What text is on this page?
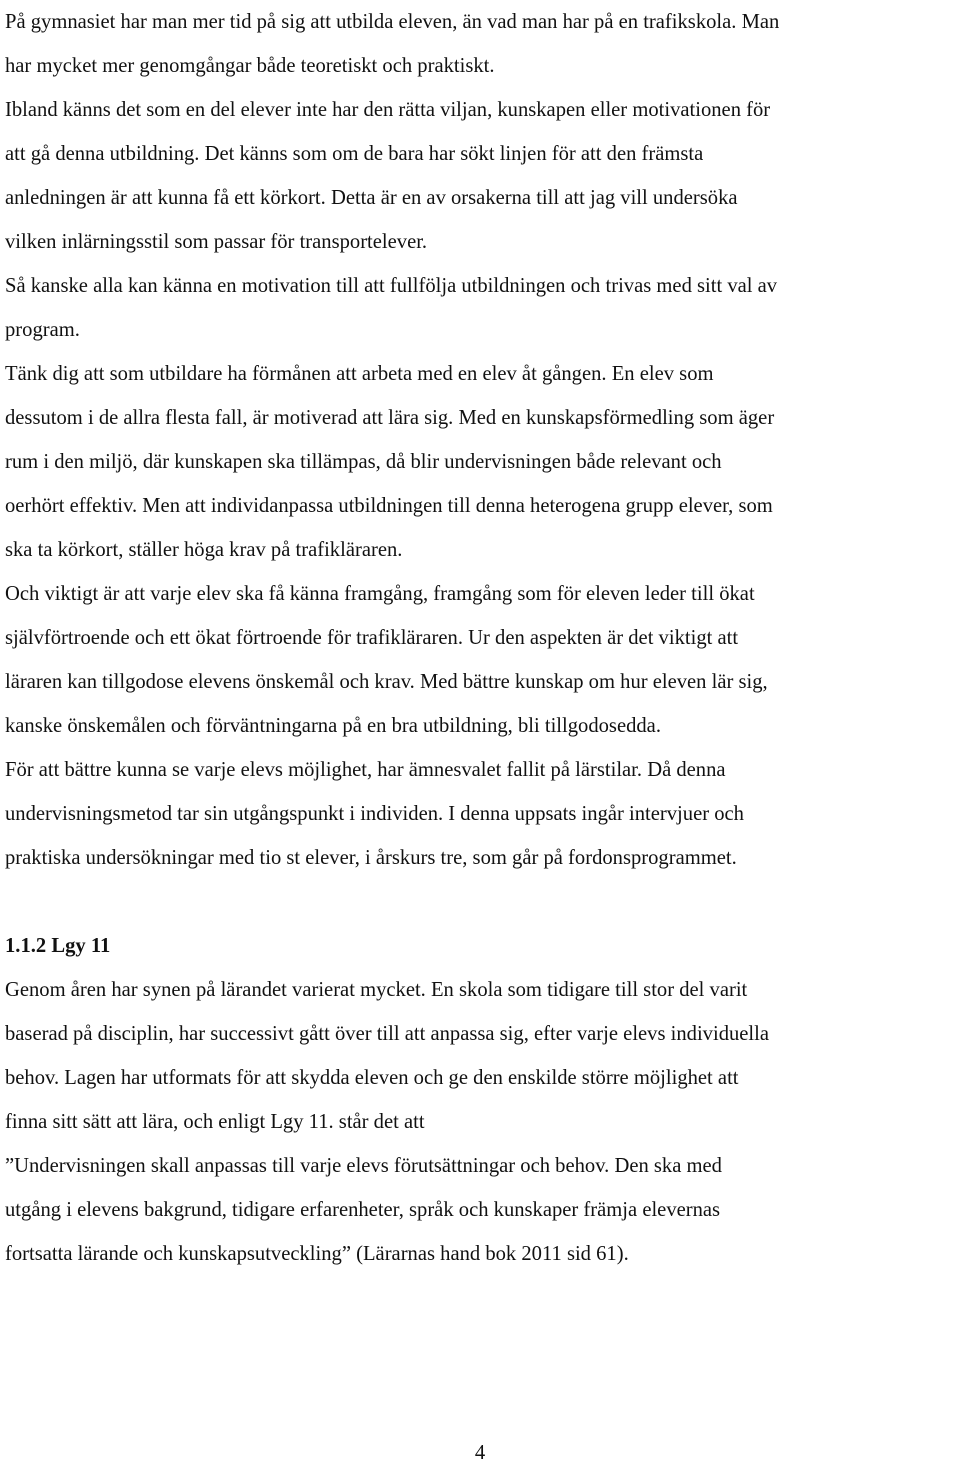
På gymnasiet har man mer tid på sig att utbilda eleven, än vad man har på en trafikskola. Man
har mycket mer genomgångar både teoretiskt och praktiskt.
Ibland känns det som en del elever inte har den rätta viljan, kunskapen eller motivationen för
att gå denna utbildning. Det känns som om de bara har sökt linjen för att den främsta
anledningen är att kunna få ett körkort. Detta är en av orsakerna till att jag vill undersöka
vilken inlärningsstil som passar för transportelever.
Så kanske alla kan känna en motivation till att fullfölja utbildningen och trivas med sitt val av
program.
Tänk dig att som utbildare ha förmånen att arbeta med en elev åt gången. En elev som
dessutom i de allra flesta fall, är motiverad att lära sig. Med en kunskapsförmedling som äger
rum i den miljö, där kunskapen ska tillämpas, då blir undervisningen både relevant och
oerhört effektiv. Men att individanpassa utbildningen till denna heterogena grupp elever, som
ska ta körkort, ställer höga krav på trafikläraren.
Och viktigt är att varje elev ska få känna framgång, framgång som för eleven leder till ökat
självförtroende och ett ökat förtroende för trafikläraren. Ur den aspekten är det viktigt att
läraren kan tillgodose elevens önskemål och krav. Med bättre kunskap om hur eleven lär sig,
kanske önskemålen och förväntningarna på en bra utbildning, bli tillgodosedda.
För att bättre kunna se varje elevs möjlighet, har ämnesvalet fallit på lärstilar. Då denna
undervisningsmetod tar sin utgångspunkt i individen. I denna uppsats ingår intervjuer och
praktiska undersökningar med tio st elever, i årskurs tre, som går på fordonsprogrammet.
1.1.2 Lgy 11
Genom åren har synen på lärandet varierat mycket. En skola som tidigare till stor del varit
baserad på disciplin, har successivt gått över till att anpassa sig, efter varje elevs individuella
behov. Lagen har utformats för att skydda eleven och ge den enskilde större möjlighet att
finna sitt sätt att lära, och enligt Lgy 11. står det att
”Undervisningen skall anpassas till varje elevs förutsättningar och behov. Den ska med
utgång i elevens bakgrund, tidigare erfarenheter, språk och kunskaper främja elevernas
fortsatta lärande och kunskapsutveckling” (Lärarnas hand bok 2011 sid 61).
4
